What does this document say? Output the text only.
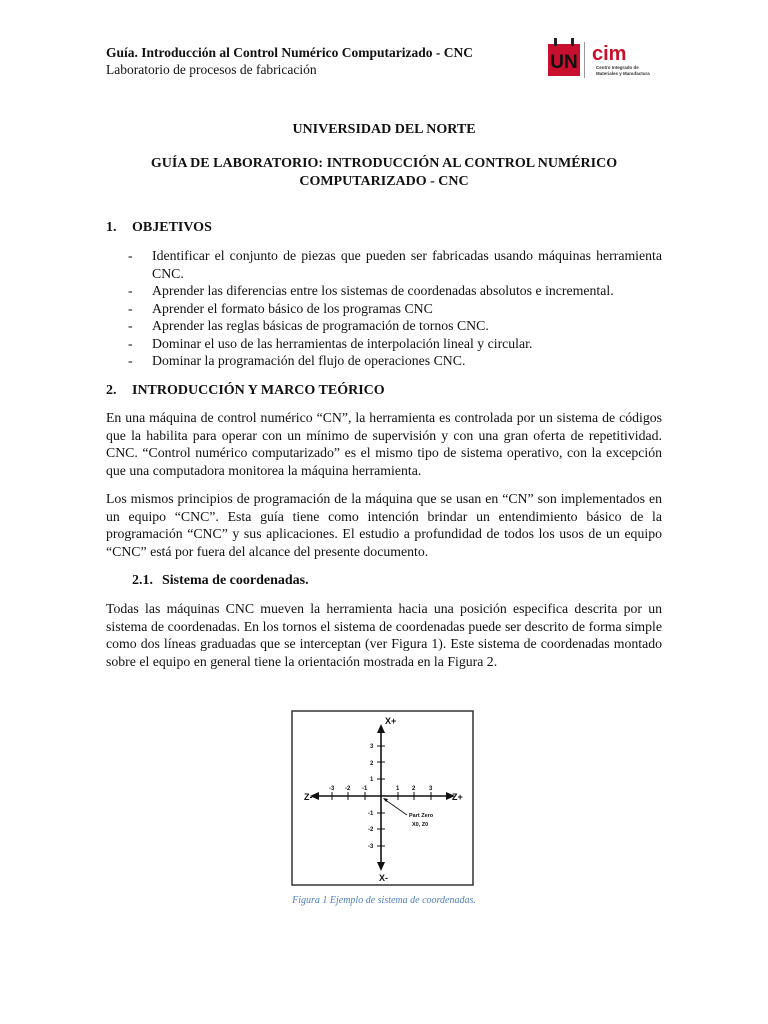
Guía. Introducción al Control Numérico Computarizado - CNC
Laboratorio de procesos de fabricación	UN cim
Centro Integrado de
Materiales y Manufactura
UNIVERSIDAD DEL NORTE
GUÍA DE LABORATORIO: INTRODUCCIÓN AL CONTROL NUMÉRICO
COMPUTARIZADO - CNC
1. OBJETIVOS
- Identificar el conjunto de piezas que pueden ser fabricadas usando máquinas herramienta CNC.
- Aprender las diferencias entre los sistemas de coordenadas absolutos e incremental.
- Aprender el formato básico de los programas CNC
- Aprender las reglas básicas de programación de tornos CNC.
- Dominar el uso de las herramientas de interpolación lineal y circular.
- Dominar la programación del flujo de operaciones CNC.
2. INTRODUCCIÓN Y MARCO TEÓRICO

En una máquina de control numérico “CN”, la herramienta es controlada por un sistema de códigos que la habilita para operar con un mínimo de supervisión y con una gran oferta de repetitividad. CNC. “Control numérico computarizado” es el mismo tipo de sistema operativo, con la excepción que una computadora monitorea la máquina herramienta.

Los mismos principios de programación de la máquina que se usan en “CN” son implementados en un equipo “CNC”. Esta guía tiene como intención brindar un entendimiento básico de la programación “CNC” y sus aplicaciones. El estudio a profundidad de todos los usos de un equipo “CNC” está por fuera del alcance del presente documento.

2.1. Sistema de coordenadas.

Todas las máquinas CNC mueven la herramienta hacia una posición especifica descrita por un sistema de coordenadas. En los tornos el sistema de coordenadas puede ser descrito de forma simple como dos líneas graduadas que se interceptan (ver Figura 1). Este sistema de coordenadas montado sobre el equipo en general tiene la orientación mostrada en la Figura 2.

X+
X-
Z+
Z-
3
2
1
-1
-2
-3
-3 -2 -1	1 2 3
Part Zero
X0, Z0
Figura 1 Ejemplo de sistema de coordenadas.
